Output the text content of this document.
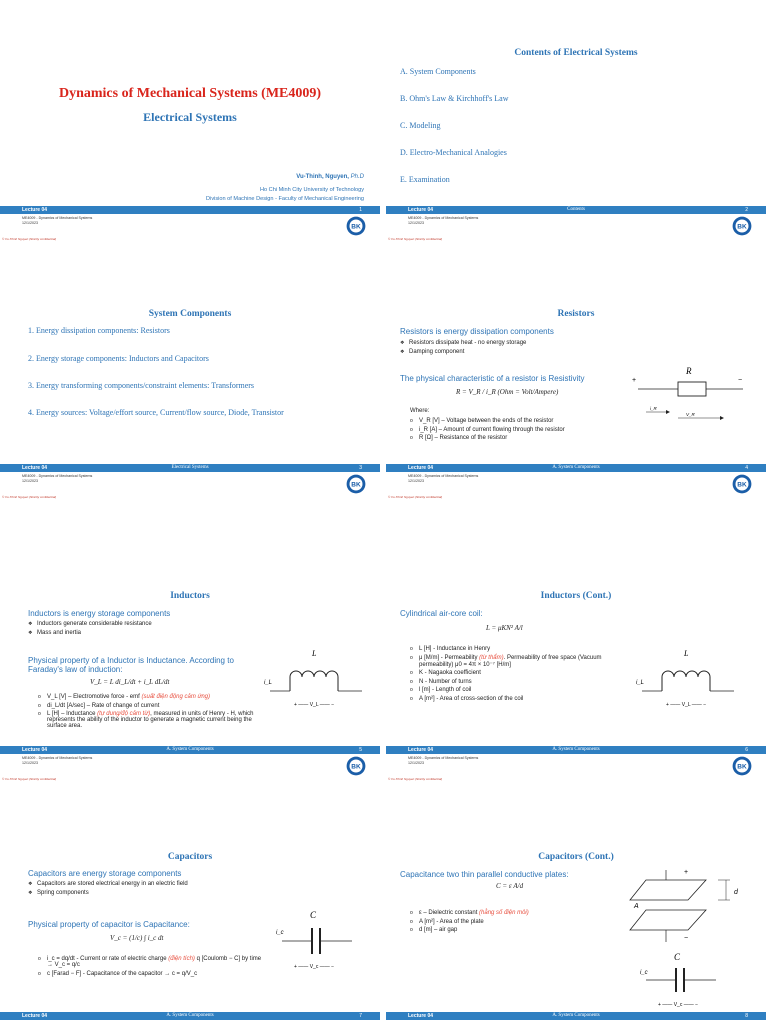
Dynamics of Mechanical Systems (ME4009)
Electrical Systems
Vu-Thinh, Nguyen, Ph.D
Ho Chi Minh City University of Technology
Division of Machine Design - Faculty of Mechanical Engineering
Lecture 04	1
ME4009 - Dynamics of Mechanical Systems
12/1/2023
© Vu-Thinh Nguyen (Strictly confidential)
BK
Contents of Electrical Systems
A. System Components
B. Ohm's Law & Kirchhoff's Law
C. Modeling
D. Electro-Mechanical Analogies
E. Examination
Lecture 04	Contents	2
ME4009 - Dynamics of Mechanical Systems
12/1/2023
© Vu-Thinh Nguyen (Strictly confidential)
BK
System Components
1. Energy dissipation components: Resistors
2. Energy storage components: Inductors and Capacitors
3. Energy transforming components/constraint elements: Transformers
4. Energy sources: Voltage/effort source, Current/flow source, Diode, Transistor
Lecture 04	Electrical Systems	3
ME4009 - Dynamics of Mechanical Systems
12/1/2023
© Vu-Thinh Nguyen (Strictly confidential)
BK
Resistors
Resistors is energy dissipation components
❖ Resistors dissipate heat - no energy storage
❖ Damping component
The physical characteristic of a resistor is Resistivity
R = V_R / i_R (Ohm = Volt/Ampere)
Where:
o V_R [V] – Voltage between the ends of the resistor
o i_R [A] – Amount of current flowing through the resistor
o R [Ω] – Resistance of the resistor
+	−
R
i_R
V_R
Lecture 04	A. System Components	4
ME4009 - Dynamics of Mechanical Systems
12/1/2023
© Vu-Thinh Nguyen (Strictly confidential)
BK
Inductors
Inductors is energy storage components
❖ Inductors generate considerable resistance
❖ Mass and inertia
Physical property of a Inductor is Inductance. According to Faraday's law of induction:
V_L = L di_L/dt + i_L dL/dt
o V_L [V] – Electromotive force - emf (suất điện động cảm ứng)
o di_L/dt [A/sec] – Rate of change of current
o L [H] – Inductance (tự dung/độ cảm từ), measured in units of Henry - H, which represents the ability of the inductor to generate a magnetic current being the surface area.
L
i_L
+ —— V_L —— −
Lecture 04	A. System Components	5
ME4009 - Dynamics of Mechanical Systems
12/1/2023
© Vu-Thinh Nguyen (Strictly confidential)
BK
Inductors (Cont.)
Cylindrical air-core coil:
L = μKN² A/l
o L [H] - Inductance in Henry
o μ [M/m] - Permeability (từ thẩm). Permeability of free space (Vacuum permeability) μ0 = 4π × 10⁻⁷ [H/m]
o K - Nagaoka coefficient
o N - Number of turns
o l [m] - Length of coil
o A [m²] - Area of cross-section of the coil
L
i_L
+ —— V_L —— −
Lecture 04	A. System Components	6
ME4009 - Dynamics of Mechanical Systems
12/1/2023
© Vu-Thinh Nguyen (Strictly confidential)
BK
Capacitors
Capacitors are energy storage components
❖ Capacitors are stored electrical energy in an electric field
❖ Spring components
Physical property of capacitor is Capacitance:
V_c = (1/c) ∫ i_c dt
o i_c = dq/dt - Current or rate of electric charge (điện tích) q [Coulomb − C] by time → V_c = q/c
o c [Farad − F] - Capacitance of the capacitor → c = q/V_c
C
i_c
+ —— V_c —— −
Lecture 04	A. System Components	7
Capacitors (Cont.)
Capacitance two thin parallel conductive plates:
C = ε A/d
o ε – Dielectric constant (hằng số điện môi)
o A [m²] - Area of the plate
o d [m] – air gap
+
−
A
d
C
i_c
+ —— V_c —— −
Lecture 04	A. System Components	8
